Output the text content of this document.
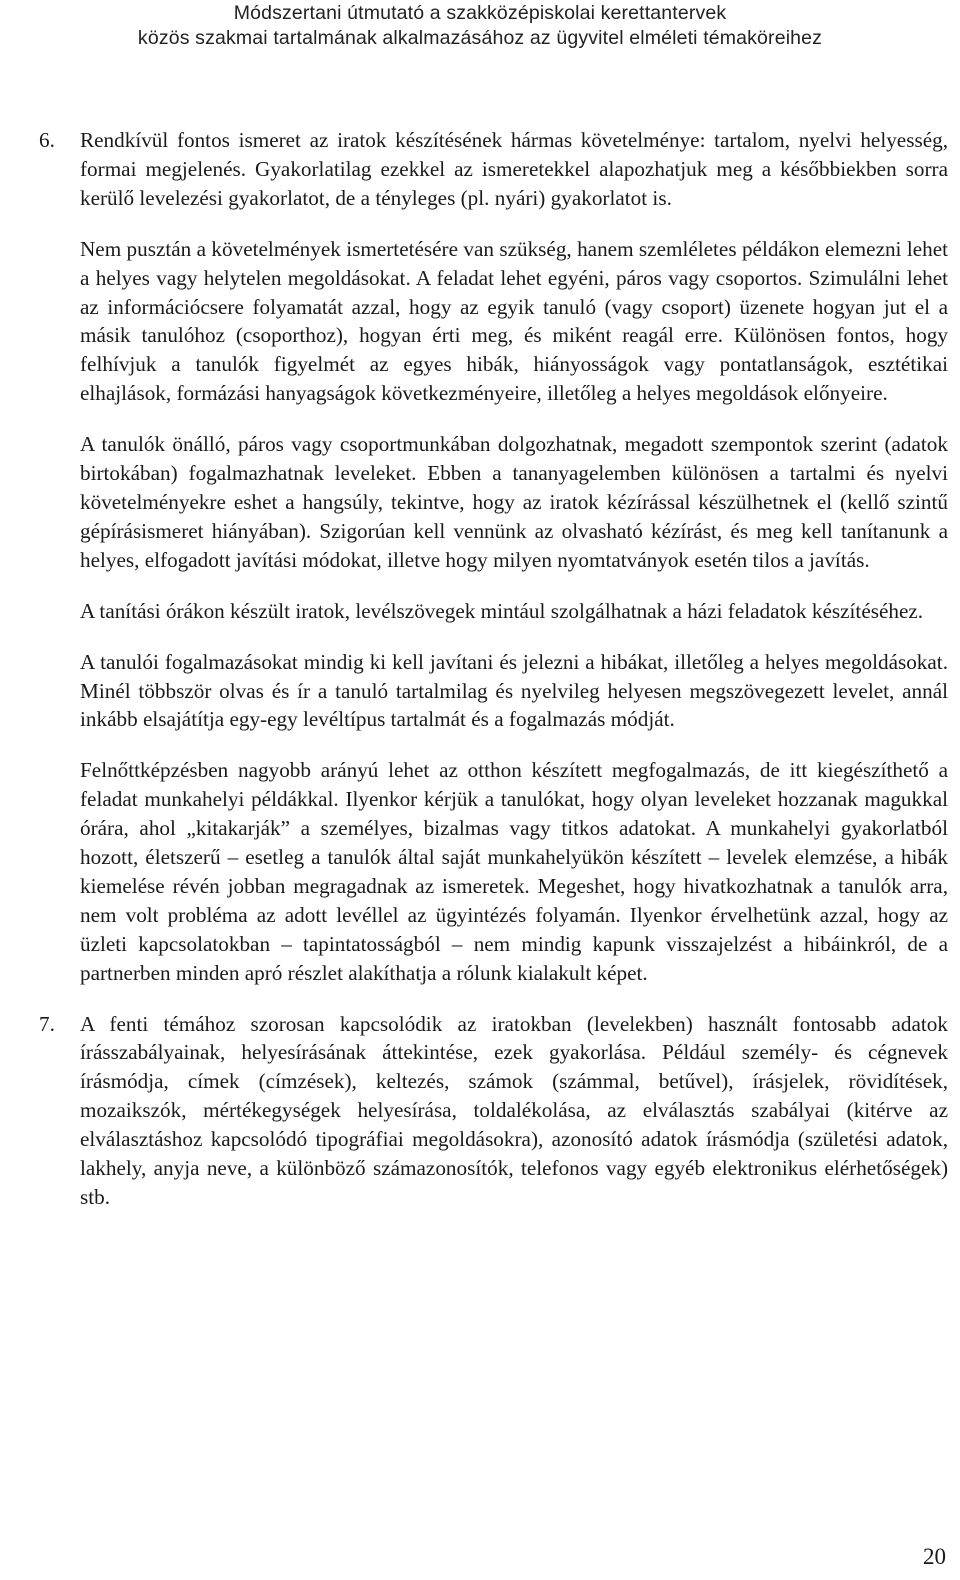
Módszertani útmutató a szakközépiskolai kerettantervek
közös szakmai tartalmának alkalmazásához az ügyvitel elméleti témaköreihez
6. Rendkívül fontos ismeret az iratok készítésének hármas követelménye: tartalom, nyelvi helyesség, formai megjelenés. Gyakorlatilag ezekkel az ismeretekkel alapozhatjuk meg a későbbiekben sorra kerülő levelezési gyakorlatot, de a tényleges (pl. nyári) gyakorlatot is.

Nem pusztán a követelmények ismertetésére van szükség, hanem szemléletes példákon elemezni lehet a helyes vagy helytelen megoldásokat. A feladat lehet egyéni, páros vagy csoportos. Szimulálni lehet az információcsere folyamatát azzal, hogy az egyik tanuló (vagy csoport) üzenete hogyan jut el a másik tanulóhoz (csoporthoz), hogyan érti meg, és miként reagál erre. Különösen fontos, hogy felhívjuk a tanulók figyelmét az egyes hibák, hiányosságok vagy pontatlanságok, esztétikai elhajlások, formázási hanyagságok következményeire, illetőleg a helyes megoldások előnyeire.

A tanulók önálló, páros vagy csoportmunkában dolgozhatnak, megadott szempontok szerint (adatok birtokában) fogalmazhatnak leveleket. Ebben a tananyagelemben különösen a tartalmi és nyelvi követelményekre eshet a hangsúly, tekintve, hogy az iratok kézírással készülhetnek el (kellő szintű gépírásismeret hiányában). Szigorúan kell vennünk az olvasható kézírást, és meg kell tanítanunk a helyes, elfogadott javítási módokat, illetve hogy milyen nyomtatványok esetén tilos a javítás.

A tanítási órákon készült iratok, levélszövegek mintául szolgálhatnak a házi feladatok készítéséhez.

A tanulói fogalmazásokat mindig ki kell javítani és jelezni a hibákat, illetőleg a helyes megoldásokat. Minél többször olvas és ír a tanuló tartalmilag és nyelvileg helyesen megszövegezett levelet, annál inkább elsajátítja egy-egy levéltípus tartalmát és a fogalmazás módját.

Felnőttképzésben nagyobb arányú lehet az otthon készített megfogalmazás, de itt kiegészíthető a feladat munkahelyi példákkal. Ilyenkor kérjük a tanulókat, hogy olyan leveleket hozzanak magukkal órára, ahol „kitakarják” a személyes, bizalmas vagy titkos adatokat. A munkahelyi gyakorlatból hozott, életszerű – esetleg a tanulók által saját munkahelyükön készített – levelek elemzése, a hibák kiemelése révén jobban megragadnak az ismeretek. Megeshet, hogy hivatkozhatnak a tanulók arra, nem volt probléma az adott levéllel az ügyintézés folyamán. Ilyenkor érvelhetünk azzal, hogy az üzleti kapcsolatokban – tapintatosságból – nem mindig kapunk visszajelzést a hibáinkról, de a partnerben minden apró részlet alakíthatja a rólunk kialakult képet.

7. A fenti témához szorosan kapcsolódik az iratokban (levelekben) használt fontosabb adatok írásszabályainak, helyesírásának áttekintése, ezek gyakorlása. Például személy- és cégnevek írásmódja, címek (címzések), keltezés, számok (számmal, betűvel), írásjelek, rövidítések, mozaikszók, mértékegységek helyesírása, toldalékolása, az elválasztás szabályai (kitérve az elválasztáshoz kapcsolódó tipográfiai megoldásokra), azonosító adatok írásmódja (születési adatok, lakhely, anyja neve, a különböző számazonosítók, telefonos vagy egyéb elektronikus elérhetőségek) stb.

20
